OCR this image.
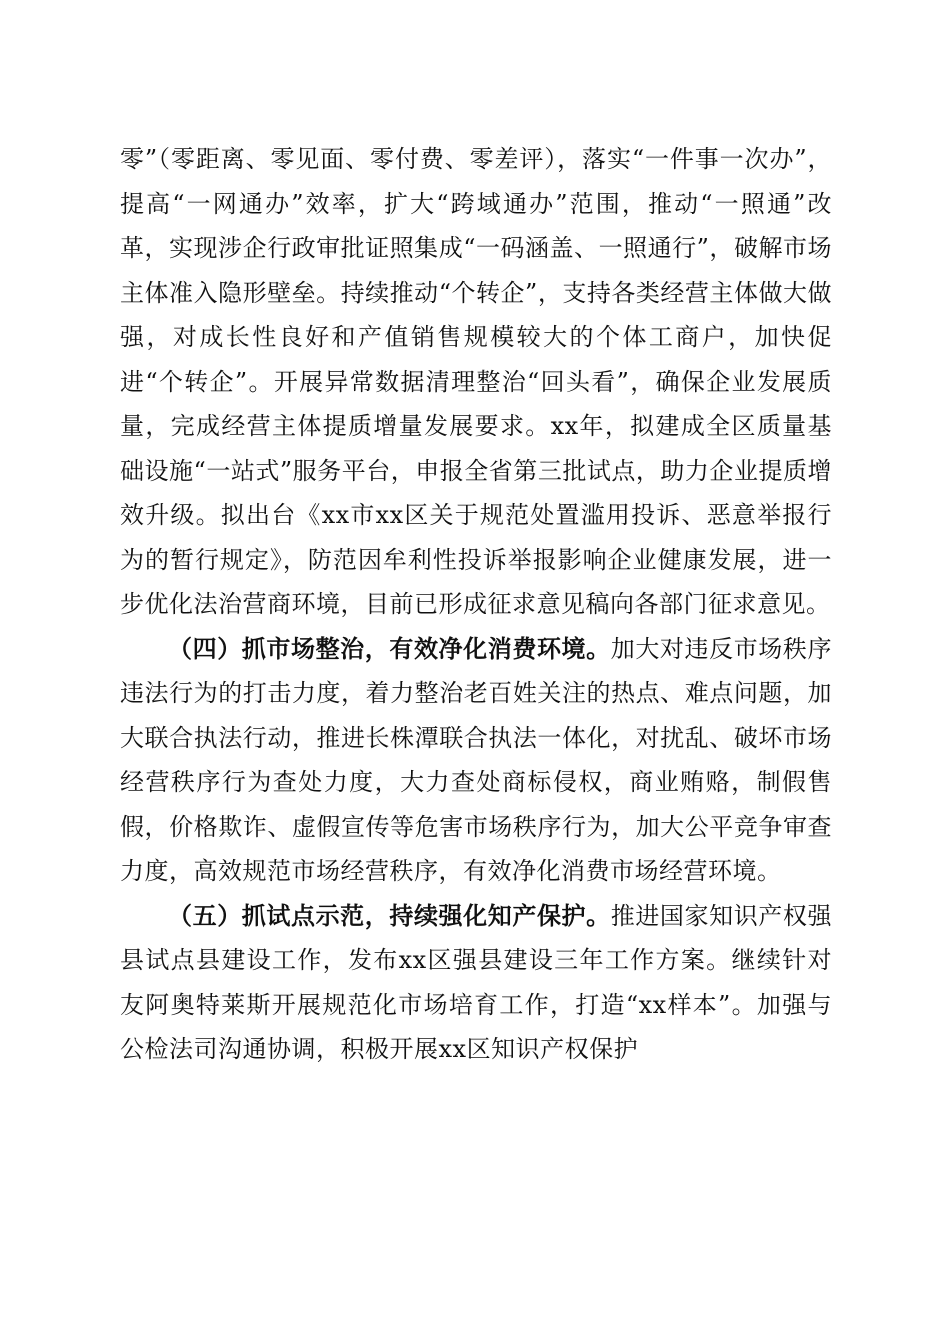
零”（零距离、零见面、零付费、零差评），落实“一件事一次办”，提高“一网通办”效率，扩大“跨域通办”范围，推动“一照通”改革，实现涉企行政审批证照集成“一码涵盖、一照通行”，破解市场主体准入隐形壁垒。持续推动“个转企”，支持各类经营主体做大做强，对成长性良好和产值销售规模较大的个体工商户，加快促进“个转企”。开展异常数据清理整治“回头看”，确保企业发展质量，完成经营主体提质增量发展要求。xx年，拟建成全区质量基础设施“一站式”服务平台，申报全省第三批试点，助力企业提质增效升级。拟出台《xx市xx区关于规范处置滥用投诉、恶意举报行为的暂行规定》，防范因牟利性投诉举报影响企业健康发展，进一步优化法治营商环境，目前已形成征求意见稿向各部门征求意见。

（四）抓市场整治，有效净化消费环境。加大对违反市场秩序违法行为的打击力度，着力整治老百姓关注的热点、难点问题，加大联合执法行动，推进长株潭联合执法一体化，对扰乱、破坏市场经营秩序行为查处力度，大力查处商标侵权，商业贿赂，制假售假，价格欺诈、虚假宣传等危害市场秩序行为，加大公平竞争审查力度，高效规范市场经营秩序，有效净化消费市场经营环境。

（五）抓试点示范，持续强化知产保护。推进国家知识产权强县试点县建设工作，发布xx区强县建设三年工作方案。继续针对友阿奥特莱斯开展规范化市场培育工作，打造“xx样本”。加强与公检法司沟通协调，积极开展xx区知识产权保护
